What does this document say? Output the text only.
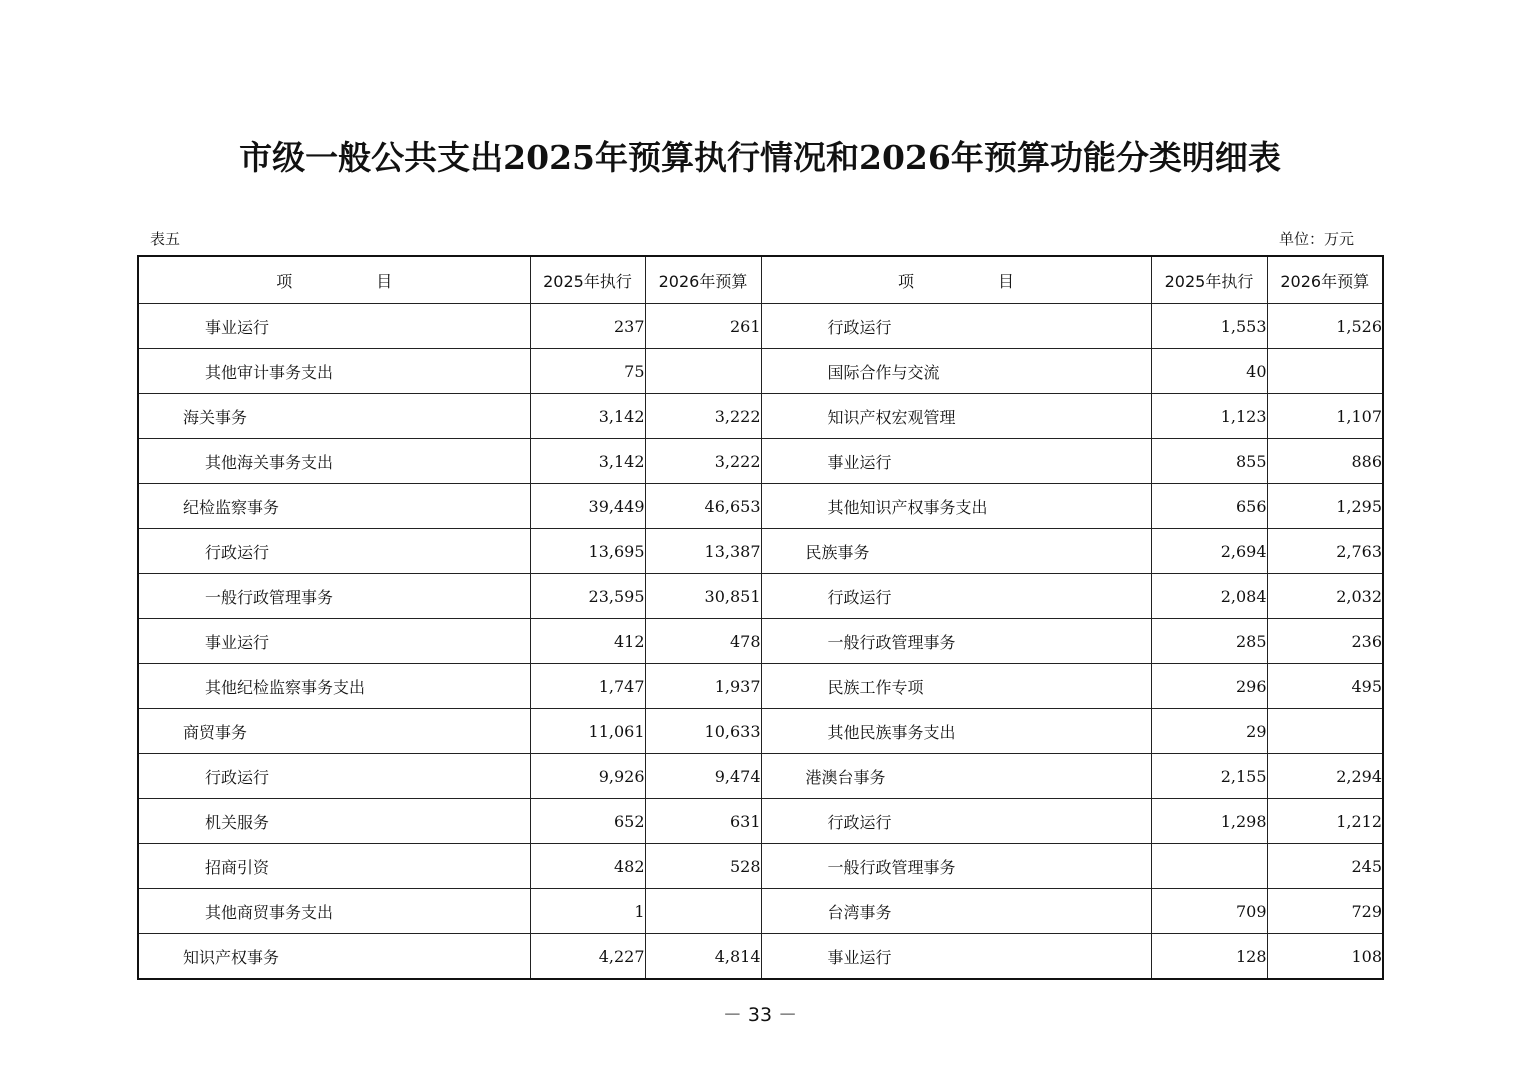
市级一般公共支出2025年预算执行情况和2026年预算功能分类明细表
表五	单位：万元
项 目	2025年执行	2026年预算	项 目	2025年执行	2026年预算
事业运行	237	261	行政运行	1,553	1,526
其他审计事务支出	75		国际合作与交流	40	
海关事务	3,142	3,222	知识产权宏观管理	1,123	1,107
其他海关事务支出	3,142	3,222	事业运行	855	886
纪检监察事务	39,449	46,653	其他知识产权事务支出	656	1,295
行政运行	13,695	13,387	民族事务	2,694	2,763
一般行政管理事务	23,595	30,851	行政运行	2,084	2,032
事业运行	412	478	一般行政管理事务	285	236
其他纪检监察事务支出	1,747	1,937	民族工作专项	296	495
商贸事务	11,061	10,633	其他民族事务支出	29	
行政运行	9,926	9,474	港澳台事务	2,155	2,294
机关服务	652	631	行政运行	1,298	1,212
招商引资	482	528	一般行政管理事务		245
其他商贸事务支出	1		台湾事务	709	729
知识产权事务	4,227	4,814	事业运行	128	108
－ 33 －
